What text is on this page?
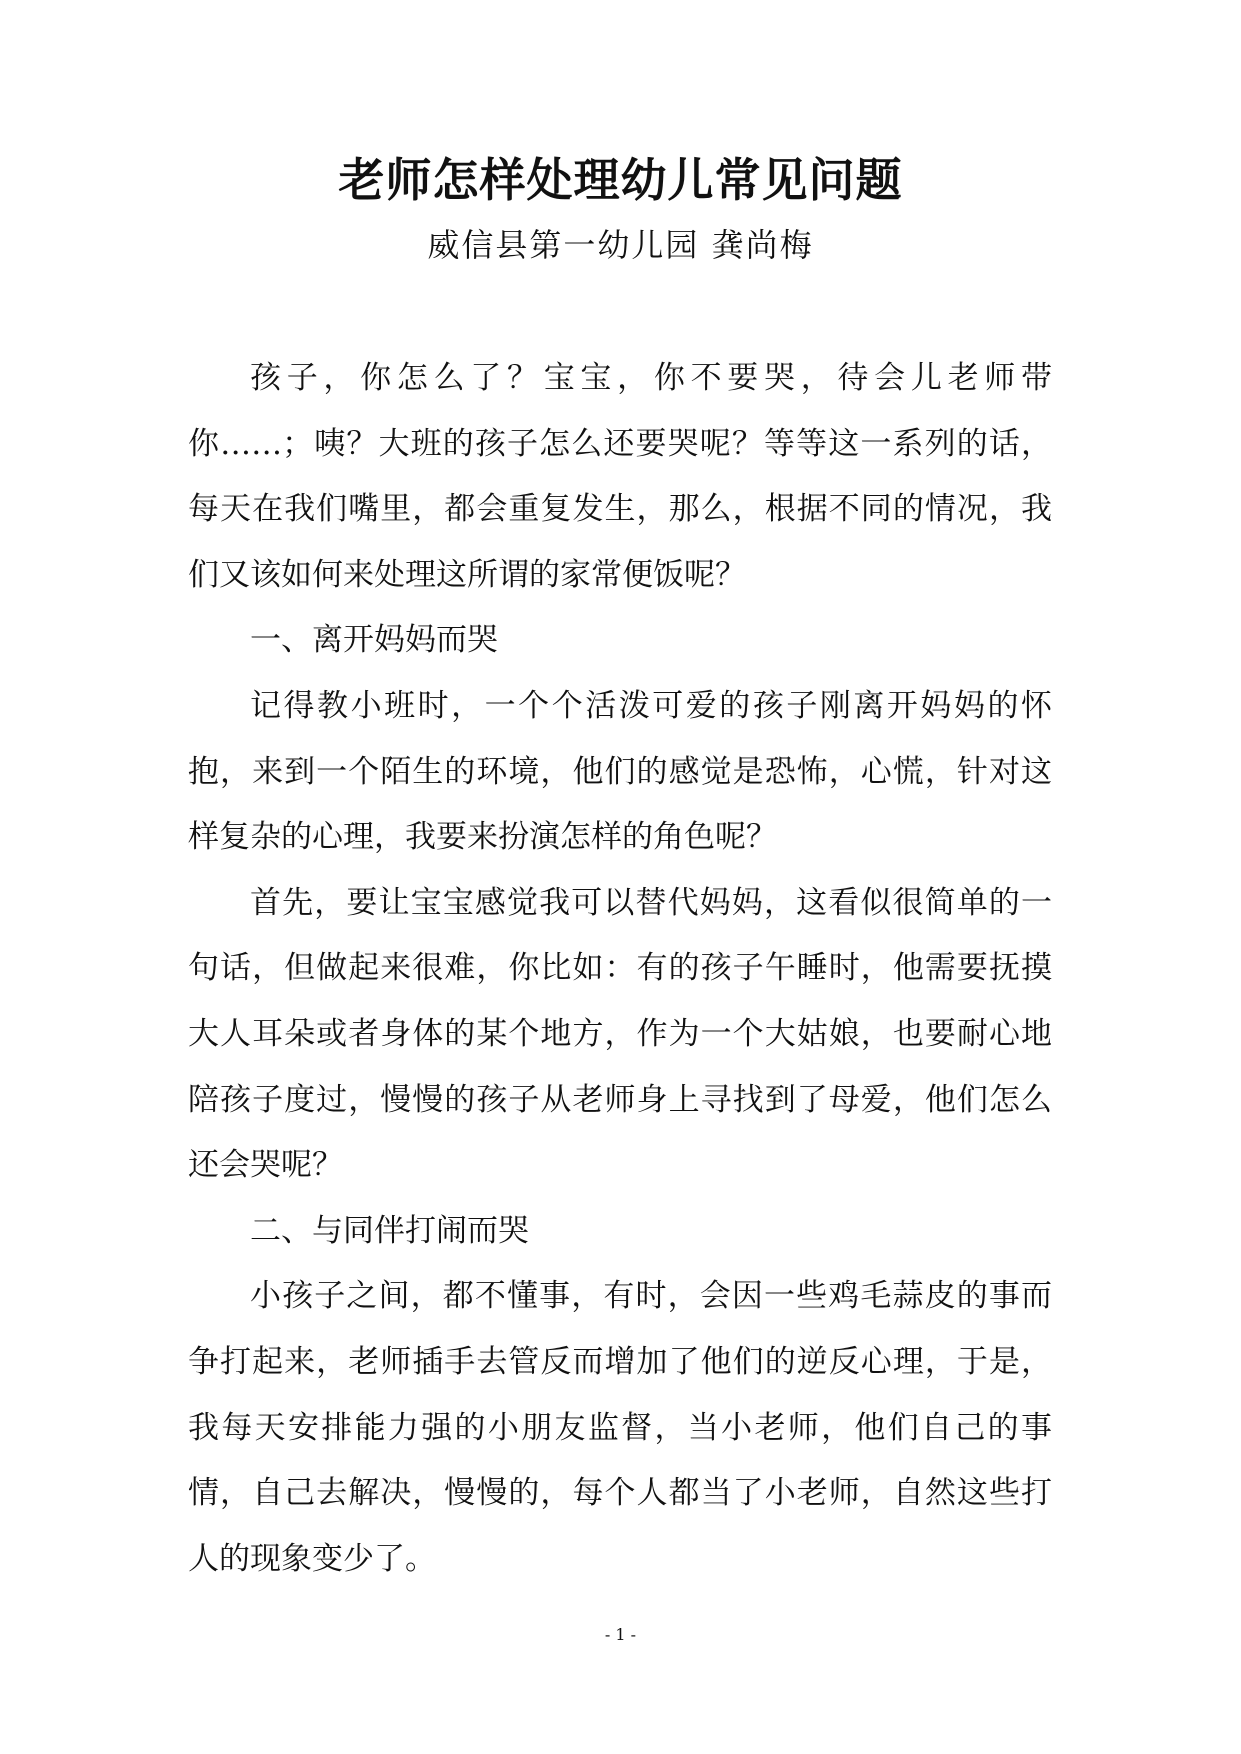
老师怎样处理幼儿常见问题
威信县第一幼儿园 龚尚梅

孩子，你怎么了？宝宝，你不要哭，待会儿老师带你……；咦？大班的孩子怎么还要哭呢？等等这一系列的话，每天在我们嘴里，都会重复发生，那么，根据不同的情况，我们又该如何来处理这所谓的家常便饭呢？

一、离开妈妈而哭

记得教小班时，一个个活泼可爱的孩子刚离开妈妈的怀抱，来到一个陌生的环境，他们的感觉是恐怖，心慌，针对这样复杂的心理，我要来扮演怎样的角色呢？

首先，要让宝宝感觉我可以替代妈妈，这看似很简单的一句话，但做起来很难，你比如：有的孩子午睡时，他需要抚摸大人耳朵或者身体的某个地方，作为一个大姑娘，也要耐心地陪孩子度过，慢慢的孩子从老师身上寻找到了母爱，他们怎么还会哭呢？

二、与同伴打闹而哭

小孩子之间，都不懂事，有时，会因一些鸡毛蒜皮的事而争打起来，老师插手去管反而增加了他们的逆反心理，于是，我每天安排能力强的小朋友监督，当小老师，他们自己的事情，自己去解决，慢慢的，每个人都当了小老师，自然这些打人的现象变少了。

- 1 -
